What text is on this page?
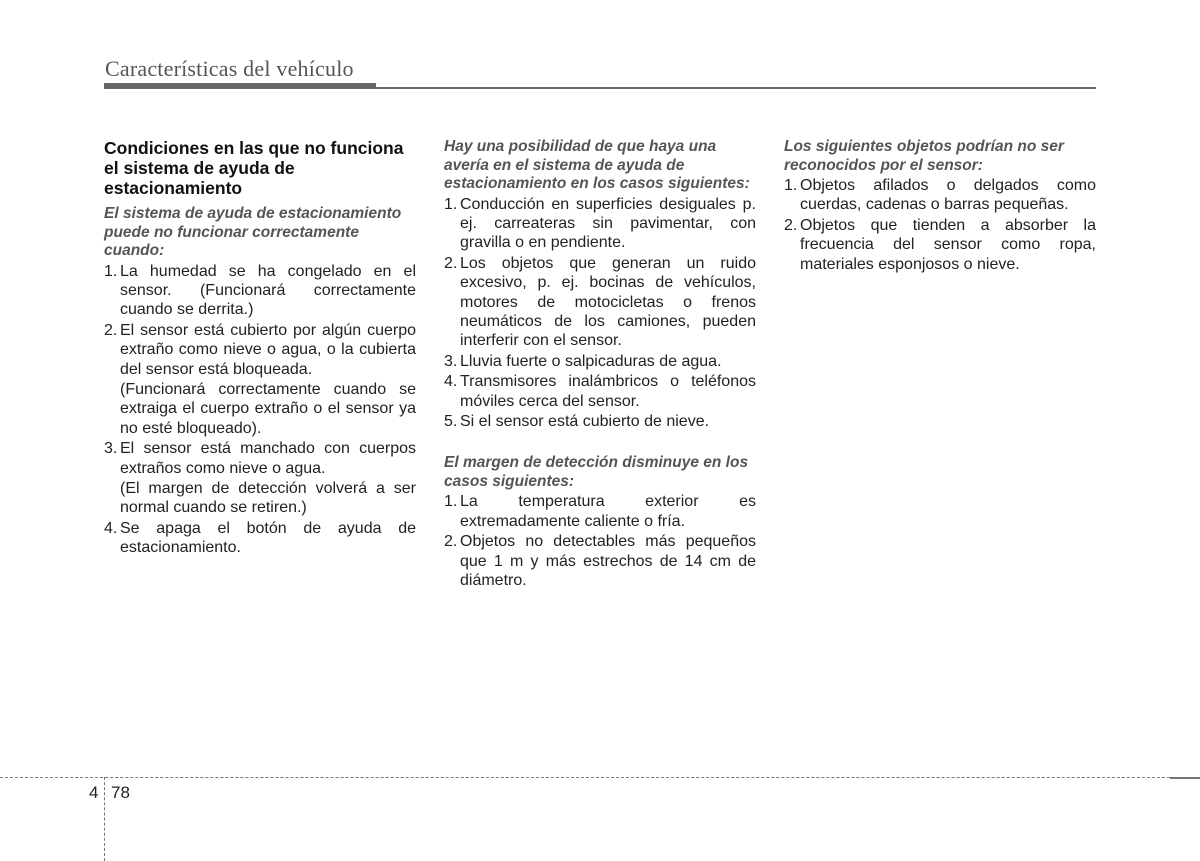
Características del vehículo
Condiciones en las que no funciona el sistema de ayuda de estacionamiento
El sistema de ayuda de estacionamiento puede no funcionar correctamente cuando:
1. La humedad se ha congelado en el sensor. (Funcionará correctamente cuando se derrita.)
2. El sensor está cubierto por algún cuerpo extraño como nieve o agua, o la cubierta del sensor está bloqueada.
(Funcionará correctamente cuando se extraiga el cuerpo extraño o el sensor ya no esté bloqueado).
3. El sensor está manchado con cuerpos extraños como nieve o agua.
(El margen de detección volverá a ser normal cuando se retiren.)
4. Se apaga el botón de ayuda de estacionamiento.
Hay una posibilidad de que haya una avería en el sistema de ayuda de estacionamiento en los casos siguientes:
1. Conducción en superficies desiguales p. ej. carreateras sin pavimentar, con gravilla o en pendiente.
2. Los objetos que generan un ruido excesivo, p. ej. bocinas de vehículos, motores de motocicletas o frenos neumáticos de los camiones, pueden interferir con el sensor.
3. Lluvia fuerte o salpicaduras de agua.
4. Transmisores inalámbricos o teléfonos móviles cerca del sensor.
5. Si el sensor está cubierto de nieve.
El margen de detección disminuye en los casos siguientes:
1. La temperatura exterior es extremadamente caliente o fría.
2. Objetos no detectables más pequeños que 1 m y más estrechos de 14 cm de diámetro.
Los siguientes objetos podrían no ser reconocidos por el sensor:
1. Objetos afilados o delgados como cuerdas, cadenas o barras pequeñas.
2. Objetos que tienden a absorber la frecuencia del sensor como ropa, materiales esponjosos o nieve.
4 78
